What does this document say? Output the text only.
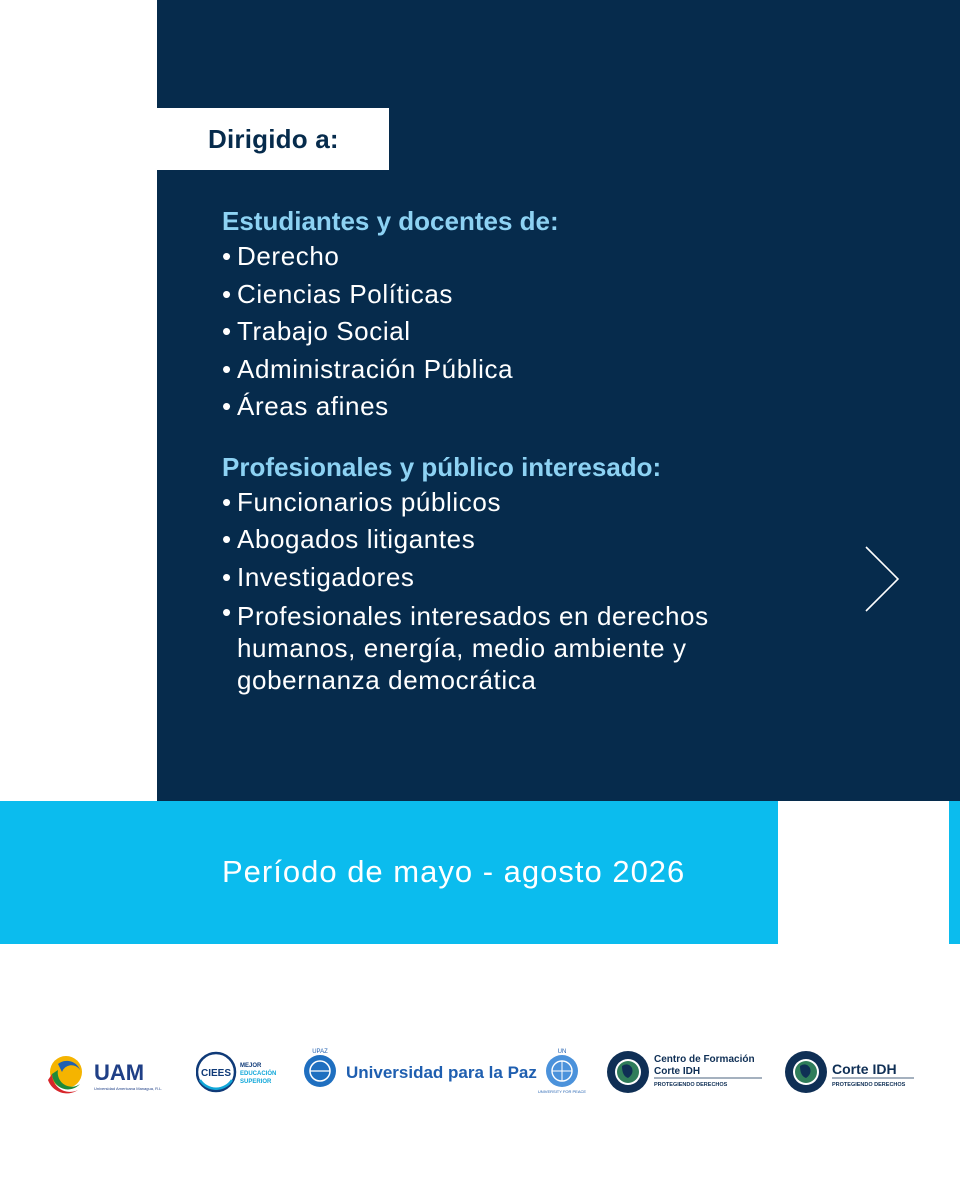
Dirigido a:

Estudiantes y docentes de:

• Derecho
• Ciencias Políticas
• Trabajo Social
• Administración Pública
• Áreas afines

Profesionales y público interesado:

• Funcionarios públicos
• Abogados litigantes
• Investigadores
• Profesionales interesados en derechos
humanos, energía, medio ambiente y
gobernanza democrática
Período de mayo - agosto 2026
UAM
Universidad Americana Managua, R.L.
CIEES
MEJOR
EDUCACIÓN
SUPERIOR
UPAZ
Universidad para la Paz
UN
UNIVERSITY FOR PEACE
Centro de Formación
Corte IDH
PROTEGIENDO DERECHOS
Corte IDH
PROTEGIENDO DERECHOS
